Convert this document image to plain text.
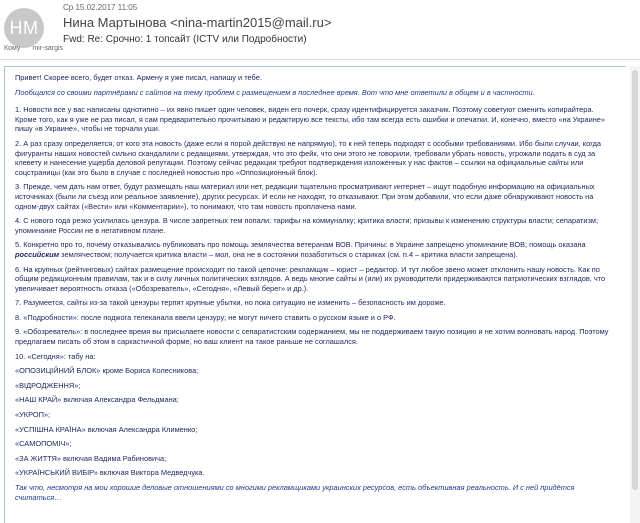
НМ
Ср 15.02.2017 11:05
Нина Мартынова <nina-martin2015@mail.ru>
Fwd: Re: Срочно: 1 топсайт (ICTV или Подробности)
Кому mir-sargis

Привет! Скорее всего, будет отказ. Армену я уже писал, напишу и тебе.

Пообщался со своими партнёрами с сайтов на тему проблем с размещением в последнее время. Вот что мне ответили в общем и в частности.

1. Новости все у вас написаны однотипно – их явно пишет один человек, виден его почерк, сразу идентифицируется заказчик. Поэтому советуют сменить копирайтера. Кроме того, как я уже не раз писал, я сам предварительно прочитываю и редактирую все тексты, ибо там всегда есть ошибки и опечатки. И, конечно, вместо «на Украине» пишу «в Украине», чтобы не торчали уши.

2. А раз сразу определяется, от кого эта новость (даже если я порой действую не напрямую), то к ней теперь подходят с особыми требованиями. Ибо были случаи, когда фигуранты наших новостей сильно скандалили с редакциями, утверждая, что это фейк, что они этого не говорили, требовали убрать новость, угрожали подать в суд за клевету и нанесение ущерба деловой репутации. Поэтому сейчас редакции требуют подтверждения изложенных у нас фактов – ссылки на официальные сайты или соцстраницы (как это было в случае с последней новостью про «Оппозиционный блок).

3. Прежде, чем дать нам ответ, будут размещать наш материал или нет, редакции тщательно просматривают интернет – ищут подобную информацию на официальных источниках (были ли съезд или реальное заявление), других ресурсах. И если не находят, то отказывают. При этом добавили, что если даже обнаруживают новость на одном-двух сайтах («Вести» или «Комментарии»), то понимают, что там новость проплачена нами.

4. С нового года резко усилилась цензура. В числе запретных тем попали: тарифы на коммуналку; критика власти; призывы к изменению структуры власти; сепаратизм; упоминание России не в негативном плане.

5. Конкретно про то, почему отказывались публиковать про помощь землячества ветеранам ВОВ. Причины: в Украине запрещено упоминание ВОВ; помощь оказана российским землячеством; получается критика власти – мол, она не в состоянии позаботиться о стариках (см. п.4 – критика власти запрещена).

6. На крупных (рейтинговых) сайтах размещение происходит по такой цепочке: рекламщик – юрист – редактор. И тут любое звено может отклонить нашу новость. Как по общим редакционным правилам, так и в силу личных политических взглядов. А ведь многие сайты и (или) их руководители придерживаются патриотических взглядов, что увеличивает вероятность отказа («Обозреватель», «Сегодня», «Левый берег» и др.).

7. Разумеется, сайты из-за такой цензуры терпят крупные убытки, но пока ситуацию не изменить – безопасность им дороже.

8. «Подробности»: после поджога телеканала ввели цензуру; не могут ничего ставить о русском языке и о РФ.

9. «Обозреватель»: в последнее время вы присылаете новости с сепаратистским содержанием, мы не поддерживаем такую позицию и не хотим волновать народ. Поэтому предлагаем писать об этом в саркастичной форме, но ваш клиент на такое раньше не соглашался.

10. «Сегодня»: табу на:

«ОПОЗИЦІЙНИЙ БЛОК» кроме Бориса Колесникова;

«ВІДРОДЖЕННЯ»;

«НАШ КРАЙ» включая Александра Фельдмана;

«УКРОП»;

«УСПІШНА КРАЇНА» включая Александра Клименко;

«САМОПОМІЧ»;

«ЗА ЖИТТЯ» включая Вадима Рабиновича;

«УКРАЇНСЬКИЙ ВИБІР» включая Виктора Медведчука.

Так что, несмотря на мои хорошие деловые отношениями со многими рекламщиками украинских ресурсов, есть объективная реальность. И с ней придётся считаться…
